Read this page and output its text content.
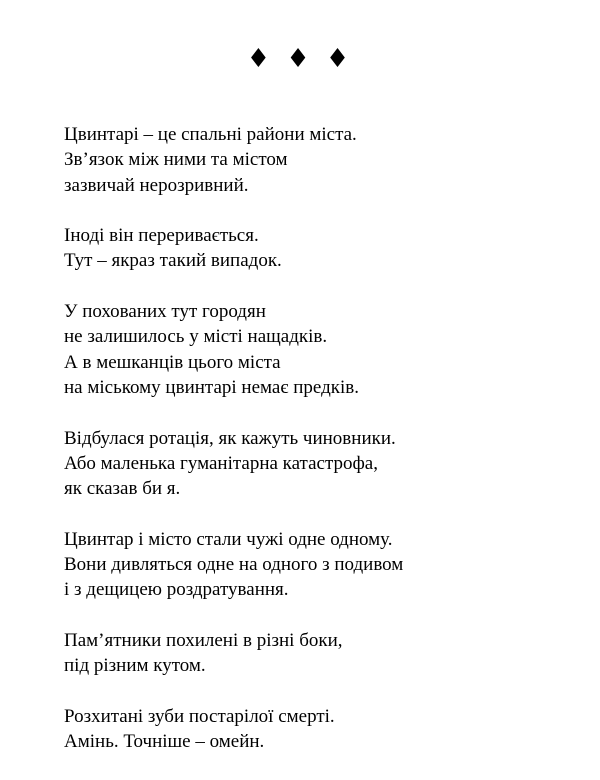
♦ ♦ ♦
Цвинтарі – це спальні райони міста.
Зв’язок між ними та містом
зазвичай нерозривний.
Іноді він переривається.
Тут – якраз такий випадок.
У похованих тут городян
не залишилось у місті нащадків.
А в мешканців цього міста
на міському цвинтарі немає предків.
Відбулася ротація, як кажуть чиновники.
Або маленька гуманітарна катастрофа,
як сказав би я.
Цвинтар і місто стали чужі одне одному.
Вони дивляться одне на одного з подивом
і з дещицею роздратування.
Пам’ятники похилені в різні боки,
під різним кутом.
Розхитані зуби постарілої смерті.
Амінь. Точніше – омейн.
